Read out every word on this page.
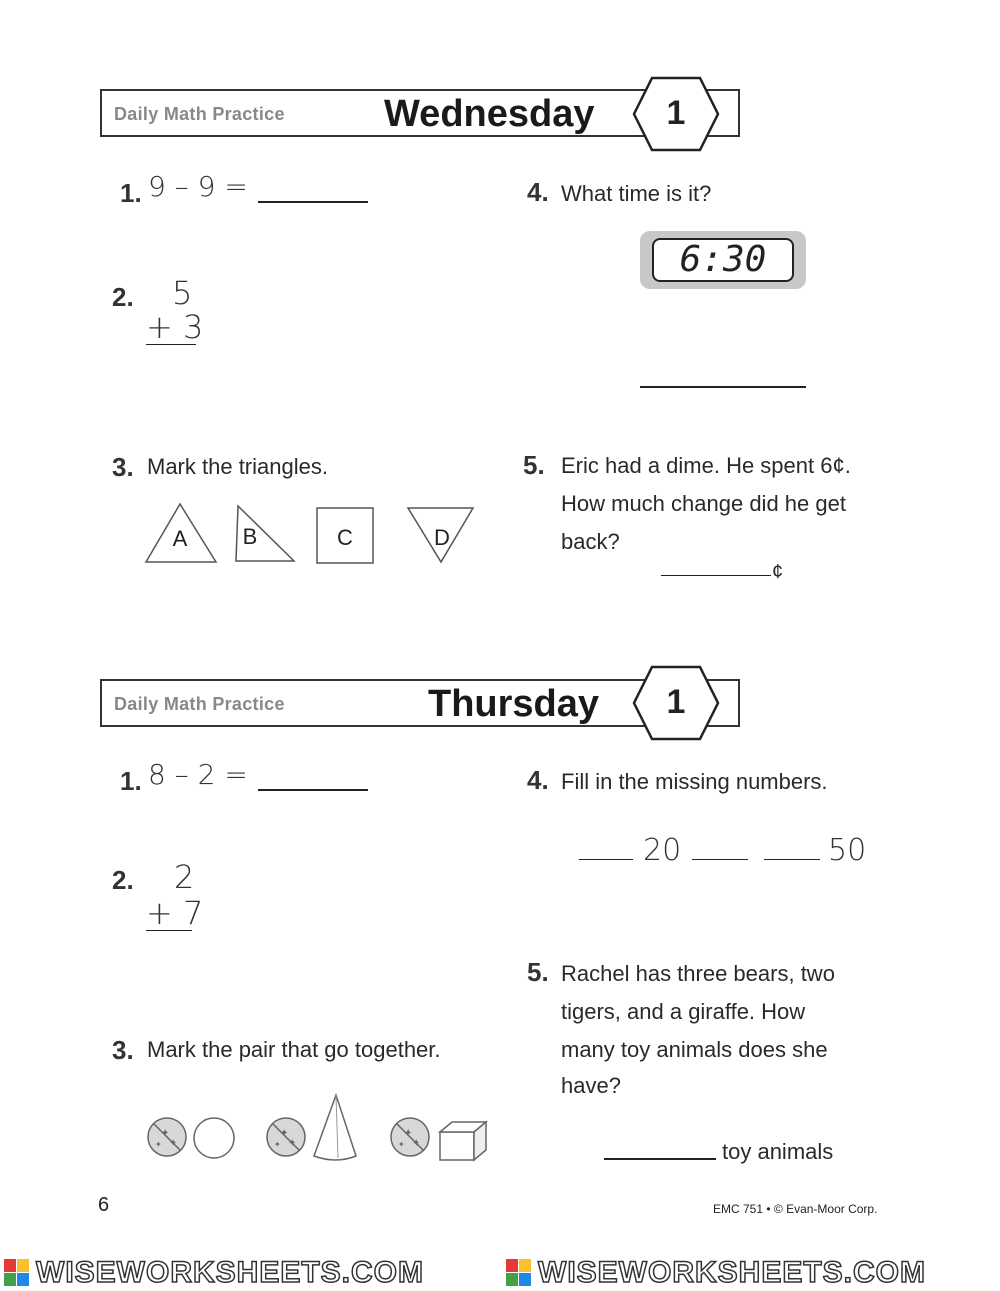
Daily Math Practice	Wednesday 1
1. 9 – 9 =
2. 5
+ 3
3. Mark the triangles.
A	B	C	D
4. What time is it?
6:30
5. Eric had a dime. He spent 6¢.
How much change did he get
back?
¢
Daily Math Practice	Thursday 1
1. 8 – 2 =
2. 2
+ 7
3. Mark the pair that go together.
✦
✦
✦
4. Fill in the missing numbers.
20	50
5. Rachel has three bears, two
tigers, and a giraffe. How
many toy animals does she
have?
toy animals
6	EMC 751 • © Evan-Moor Corp.
WISEWORKSHEETS.COM	WISEWORKSHEETS.COM
